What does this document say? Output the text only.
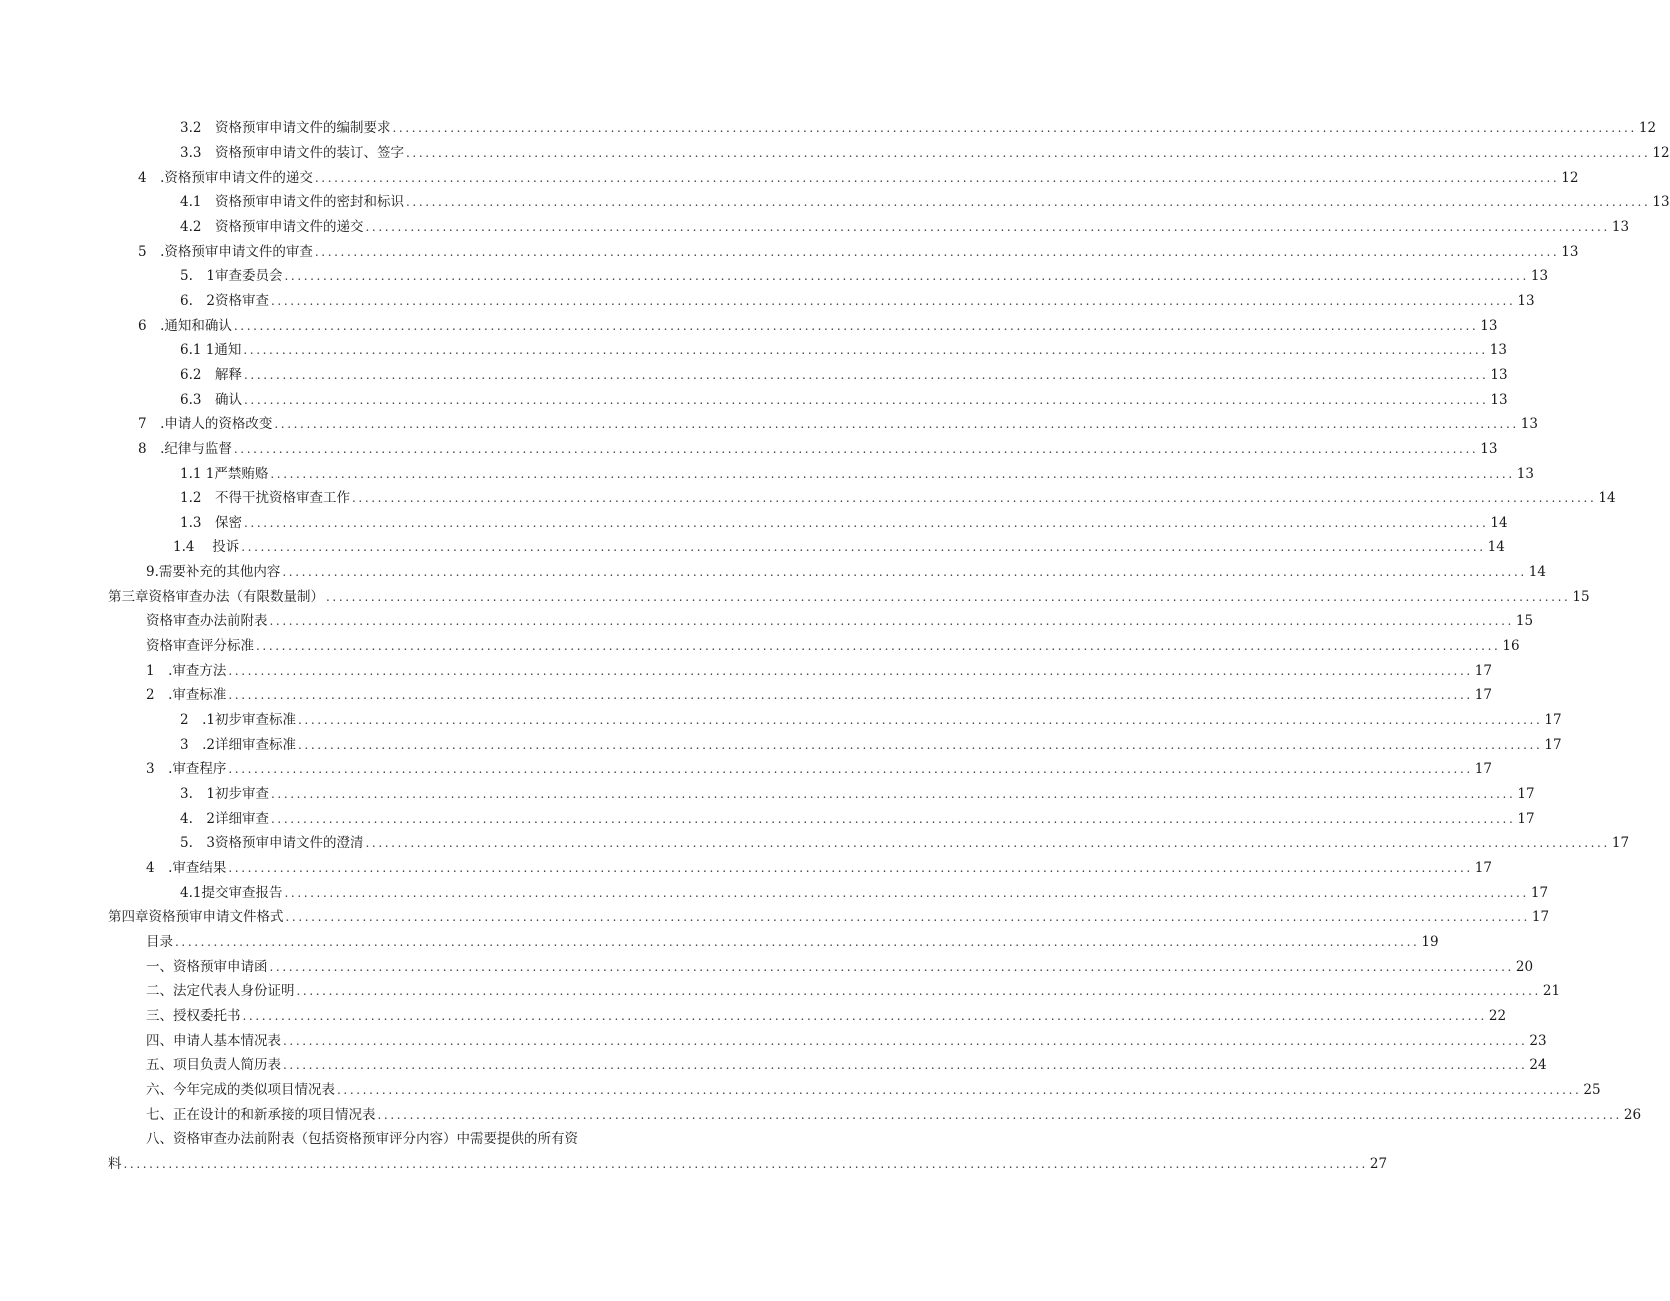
3.2　资格预审申请文件的编制要求 .................................................................................................................................................................................................. 12
3.3　资格预审申请文件的装订、签字 .................................................................................................................................................................................................. 12
4　.资格预审申请文件的递交 .................................................................................................................................................................................................. 12
4.1　资格预审申请文件的密封和标识 .................................................................................................................................................................................................. 13
4.2　资格预审申请文件的递交 .................................................................................................................................................................................................. 13
5　.资格预审申请文件的审查 .................................................................................................................................................................................................. 13
5.　1审查委员会 .................................................................................................................................................................................................. 13
6.　2资格审查 .................................................................................................................................................................................................. 13
6　.通知和确认 .................................................................................................................................................................................................. 13
6.1 1通知 .................................................................................................................................................................................................. 13
6.2　解释 .................................................................................................................................................................................................. 13
6.3　确认 .................................................................................................................................................................................................. 13
7　.申请人的资格改变 .................................................................................................................................................................................................. 13
8　.纪律与监督 .................................................................................................................................................................................................. 13
1.1 1严禁贿赂 .................................................................................................................................................................................................. 13
1.2　不得干扰资格审查工作 .................................................................................................................................................................................................. 14
1.3　保密 .................................................................................................................................................................................................. 14
1.4　 投诉 .................................................................................................................................................................................................. 14
9.需要补充的其他内容 .................................................................................................................................................................................................. 14
第三章资格审查办法（有限数量制） .................................................................................................................................................................................................. 15
资格审查办法前附表 .................................................................................................................................................................................................. 15
资格审查评分标准 .................................................................................................................................................................................................. 16
1　.审查方法 .................................................................................................................................................................................................. 17
2　.审查标准 .................................................................................................................................................................................................. 17
2　.1初步审查标准 .................................................................................................................................................................................................. 17
3　.2详细审查标准 .................................................................................................................................................................................................. 17
3　.审查程序 .................................................................................................................................................................................................. 17
3.　1初步审查 .................................................................................................................................................................................................. 17
4.　2详细审查 .................................................................................................................................................................................................. 17
5.　3资格预审申请文件的澄清 .................................................................................................................................................................................................. 17
4　.审查结果 .................................................................................................................................................................................................. 17
4.1提交审查报告 .................................................................................................................................................................................................. 17
第四章资格预审申请文件格式 .................................................................................................................................................................................................. 17
目录 .................................................................................................................................................................................................. 19
一、资格预审申请函 .................................................................................................................................................................................................. 20
二、法定代表人身份证明 .................................................................................................................................................................................................. 21
三、授权委托书 .................................................................................................................................................................................................. 22
四、申请人基本情况表 .................................................................................................................................................................................................. 23
五、项目负责人简历表 .................................................................................................................................................................................................. 24
六、今年完成的类似项目情况表 .................................................................................................................................................................................................. 25
七、正在设计的和新承接的项目情况表 .................................................................................................................................................................................................. 26
八、资格审查办法前附表（包括资格预审评分内容）中需要提供的所有资
料 .................................................................................................................................................................................................. 27
